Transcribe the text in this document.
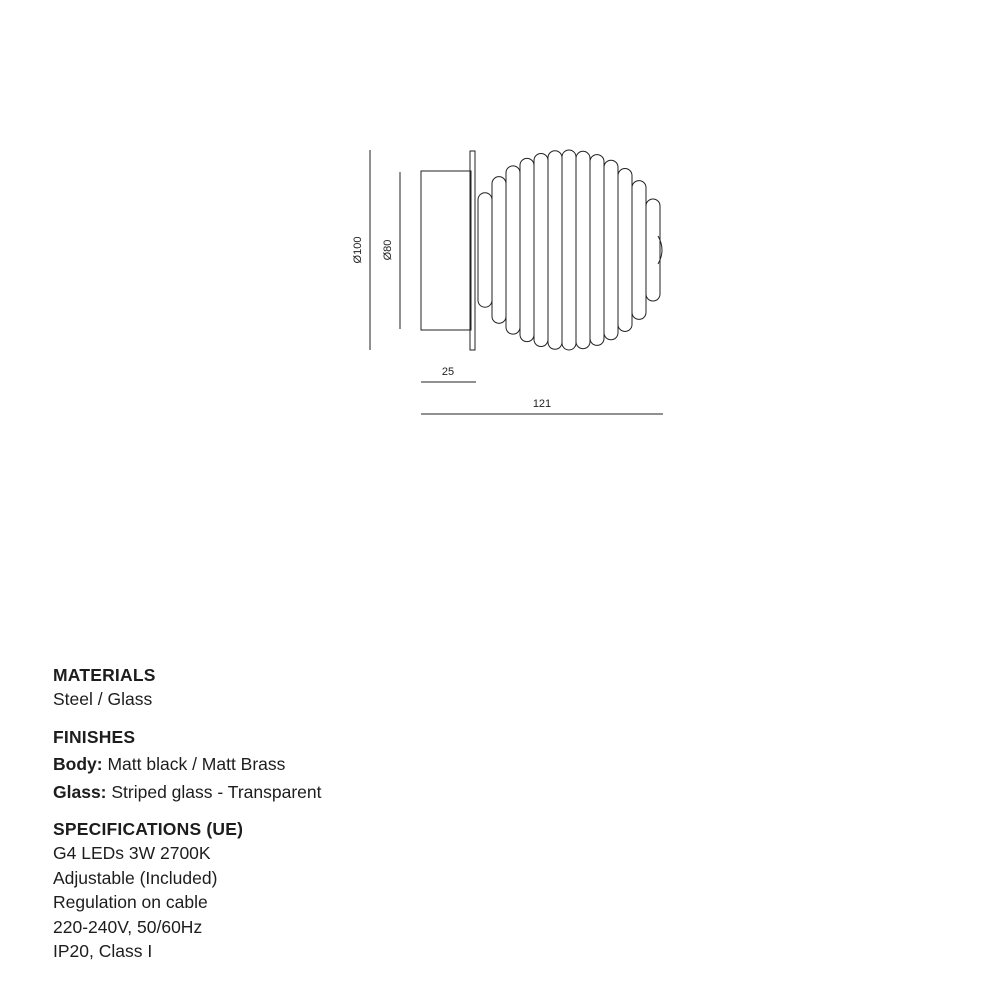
Ø100 Ø80
25
121
MATERIALS
Steel / Glass
FINISHES
Body: Matt black / Matt Brass
Glass: Striped glass - Transparent
SPECIFICATIONS (UE)
G4 LEDs 3W 2700K
Adjustable (Included)
Regulation on cable
220-240V, 50/60Hz
IP20, Class I
